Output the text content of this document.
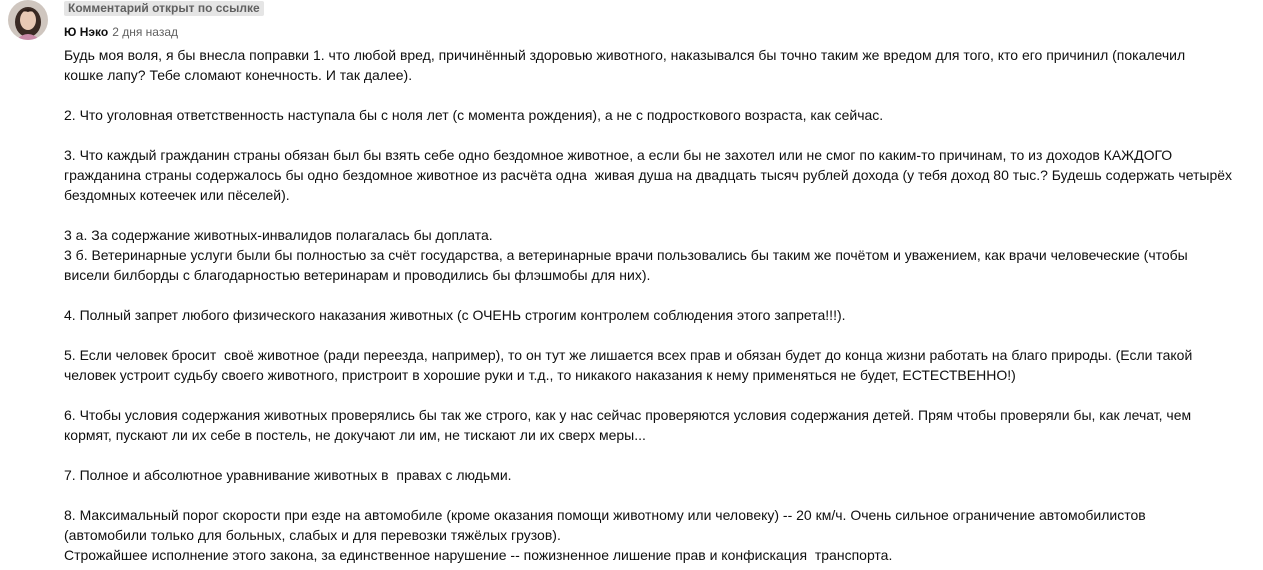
Комментарий открыт по ссылке
Ю Нэко 2 дня назад
Будь моя воля, я бы внесла поправки 1. что любой вред, причинённый здоровью животного, наказывался бы точно таким же вредом для того, кто его причинил (покалечил
кошке лапу? Тебе сломают конечность. И так далее).
2. Что уголовная ответственность наступала бы с ноля лет (с момента рождения), а не с подросткового возраста, как сейчас.
3. Что каждый гражданин страны обязан был бы взять себе одно бездомное животное, а если бы не захотел или не смог по каким-то причинам, то из доходов КАЖДОГО
гражданина страны содержалось бы одно бездомное животное из расчёта одна  живая душа на двадцать тысяч рублей дохода (у тебя доход 80 тыс.? Будешь содержать четырёх
бездомных котеечек или пёселей).
3 а. За содержание животных-инвалидов полагалась бы доплата.
3 б. Ветеринарные услуги были бы полностью за счёт государства, а ветеринарные врачи пользовались бы таким же почётом и уважением, как врачи человеческие (чтобы
висели билборды с благодарностью ветеринарам и проводились бы флэшмобы для них).
4. Полный запрет любого физического наказания животных (с ОЧЕНЬ строгим контролем соблюдения этого запрета!!!).
5. Если человек бросит  своё животное (ради переезда, например), то он тут же лишается всех прав и обязан будет до конца жизни работать на благо природы. (Если такой
человек устроит судьбу своего животного, пристроит в хорошие руки и т.д., то никакого наказания к нему применяться не будет, ЕСТЕСТВЕННО!)
6. Чтобы условия содержания животных проверялись бы так же строго, как у нас сейчас проверяются условия содержания детей. Прям чтобы проверяли бы, как лечат, чем
кормят, пускают ли их себе в постель, не докучают ли им, не тискают ли их сверх меры...
7. Полное и абсолютное уравнивание животных в  правах с людьми.
8. Максимальный порог скорости при езде на автомобиле (кроме оказания помощи животному или человеку) -- 20 км/ч. Очень сильное ограничение автомобилистов
(автомобили только для больных, слабых и для перевозки тяжёлых грузов).
Строжайшее исполнение этого закона, за единственное нарушение -- пожизненное лишение прав и конфискация  транспорта.
